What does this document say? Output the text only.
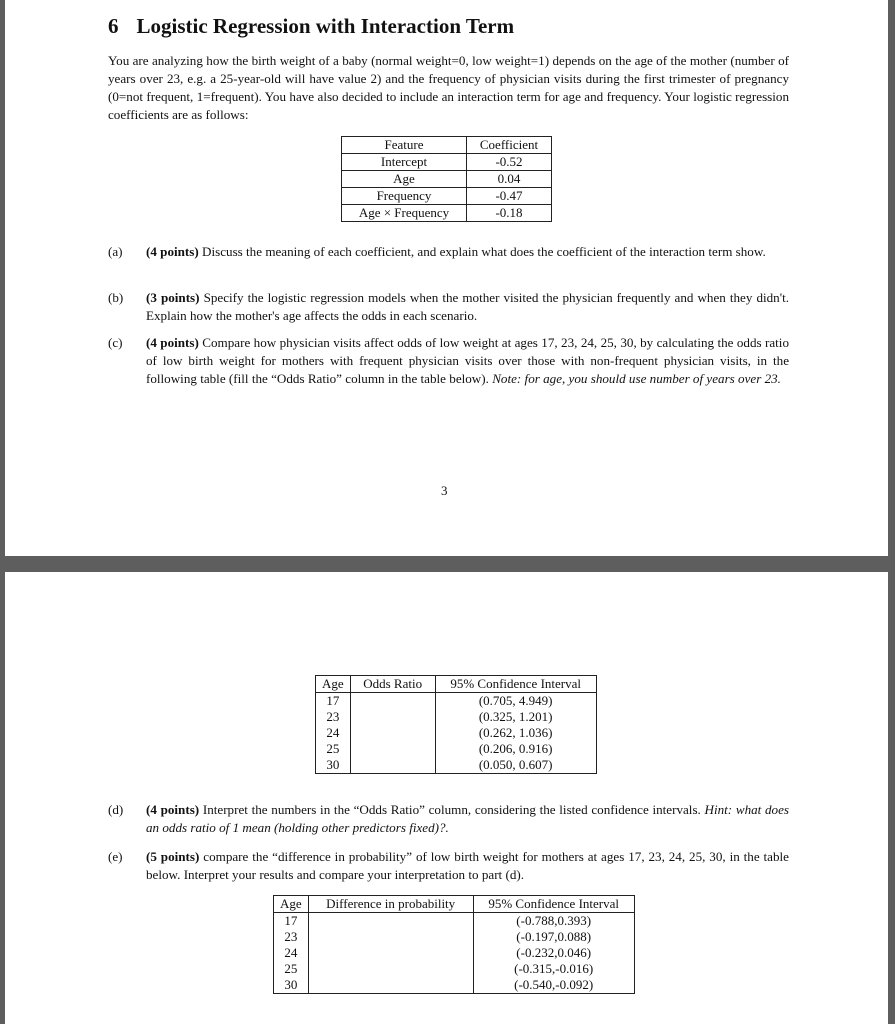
6 Logistic Regression with Interaction Term

You are analyzing how the birth weight of a baby (normal weight=0, low weight=1) depends on the age of the mother (number of years over 23, e.g. a 25-year-old will have value 2) and the frequency of physician visits during the first trimester of pregnancy (0=not frequent, 1=frequent). You have also decided to include an interaction term for age and frequency. Your logistic regression coefficients are as follows:

Feature	Coefficient
Intercept	-0.52
Age	0.04
Frequency	-0.47
Age × Frequency	-0.18
(a) (4 points) Discuss the meaning of each coefficient, and explain what does the coefficient of the interaction term show.
(b) (3 points) Specify the logistic regression models when the mother visited the physician frequently and when they didn't. Explain how the mother's age affects the odds in each scenario.
(c) (4 points) Compare how physician visits affect odds of low weight at ages 17, 23, 24, 25, 30, by calculating the odds ratio of low birth weight for mothers with frequent physician visits over those with non-frequent physician visits, in the following table (fill the “Odds Ratio” column in the table below). Note: for age, you should use number of years over 23.

3

Age	Odds Ratio	95% Confidence Interval
17		(0.705, 4.949)
23		(0.325, 1.201)
24		(0.262, 1.036)
25		(0.206, 0.916)
30		(0.050, 0.607)
(d) (4 points) Interpret the numbers in the “Odds Ratio” column, considering the listed confidence intervals. Hint: what does an odds ratio of 1 mean (holding other predictors fixed)?.
(e) (5 points) compare the “difference in probability” of low birth weight for mothers at ages 17, 23, 24, 25, 30, in the table below. Interpret your results and compare your interpretation to part (d).
Age	Difference in probability	95% Confidence Interval
17		(-0.788,0.393)
23		(-0.197,0.088)
24		(-0.232,0.046)
25		(-0.315,-0.016)
30		(-0.540,-0.092)
